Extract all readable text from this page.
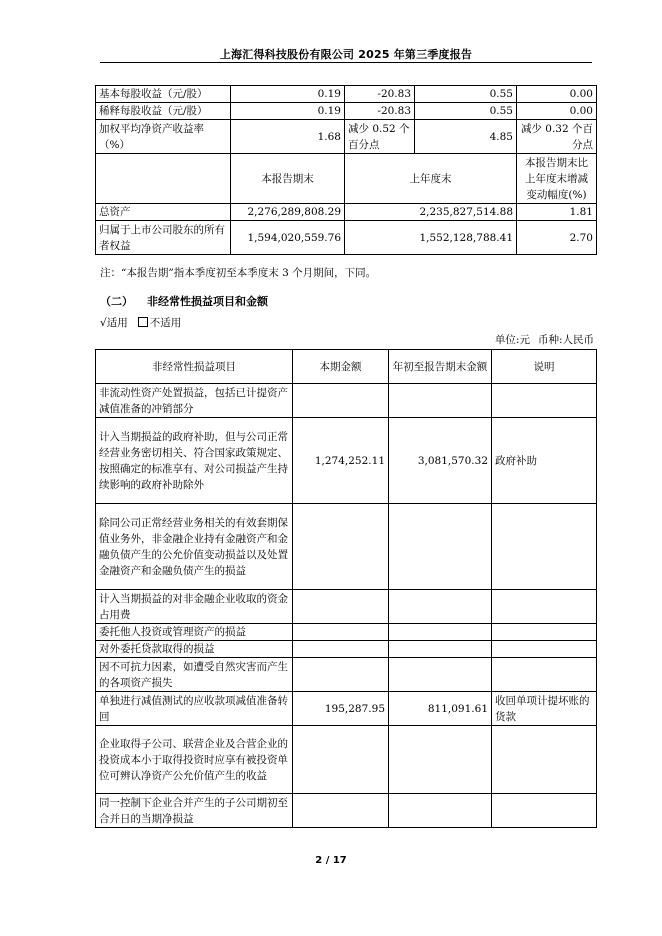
上海汇得科技股份有限公司 2025 年第三季度报告
基本每股收益（元/股）	0.19	-20.83	0.55	0.00
稀释每股收益（元/股）	0.19	-20.83	0.55	0.00
加权平均净资产收益率（%）	1.68	减少 0.52 个百分点	4.85	减少 0.32 个百分点
	本报告期末	上年度末		本报告期末比上年度末增减变动幅度(%)
总资产	2,276,289,808.29	2,235,827,514.88		1.81
归属于上市公司股东的所有者权益	1,594,020,559.76	1,552,128,788.41		2.70
注：“本报告期”指本季度初至本季度末 3 个月期间，下同。
（二） 非经常性损益项目和金额
√适用 不适用
单位:元 币种:人民币
非经常性损益项目	本期金额	年初至报告期末金额	说明
非流动性资产处置损益，包括已计提资产减值准备的冲销部分			
计入当期损益的政府补助，但与公司正常经营业务密切相关、符合国家政策规定、按照确定的标准享有、对公司损益产生持续影响的政府补助除外	1,274,252.11	3,081,570.32	政府补助
除同公司正常经营业务相关的有效套期保值业务外，非金融企业持有金融资产和金融负债产生的公允价值变动损益以及处置金融资产和金融负债产生的损益			
计入当期损益的对非金融企业收取的资金占用费			
委托他人投资或管理资产的损益			
对外委托贷款取得的损益			
因不可抗力因素，如遭受自然灾害而产生的各项资产损失			
单独进行减值测试的应收款项减值准备转回	195,287.95	811,091.61	收回单项计提坏账的货款
企业取得子公司、联营企业及合营企业的投资成本小于取得投资时应享有被投资单位可辨认净资产公允价值产生的收益			
同一控制下企业合并产生的子公司期初至合并日的当期净损益			
2 / 17
